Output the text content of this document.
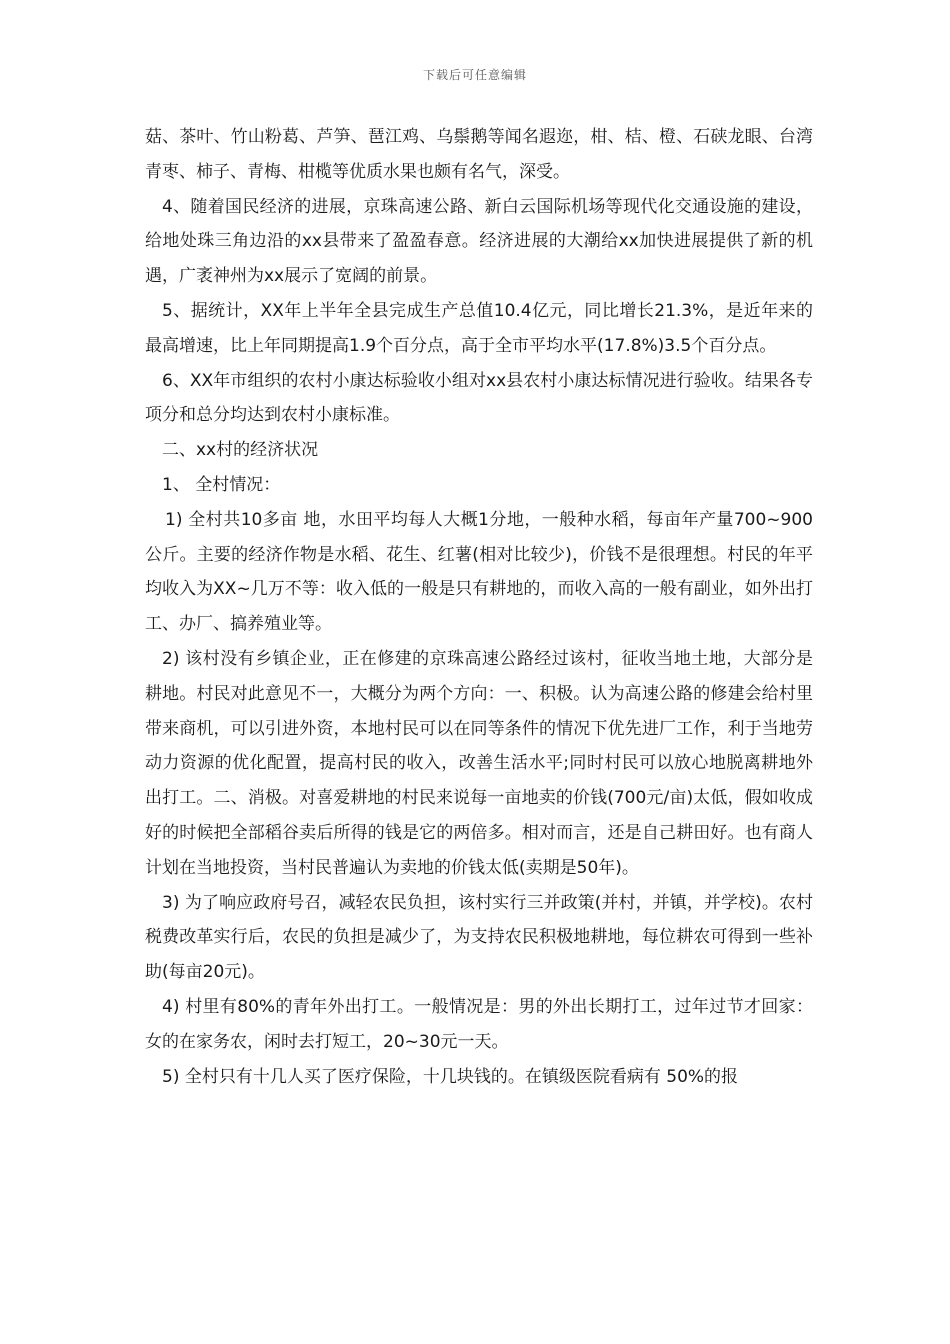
下载后可任意编辑

菇、茶叶、竹山粉葛、芦笋、琶江鸡、乌鬃鹅等闻名遐迩，柑、桔、橙、石硖龙眼、台湾青枣、柿子、青梅、柑榄等优质水果也颇有名气，深受。

4、随着国民经济的进展，京珠高速公路、新白云国际机场等现代化交通设施的建设，给地处珠三角边沿的xx县带来了盈盈春意。经济进展的大潮给xx加快进展提供了新的机遇，广袤神州为xx展示了宽阔的前景。

5、据统计，XX年上半年全县完成生产总值10.4亿元，同比增长21.3%，是近年来的最高增速，比上年同期提高1.9个百分点，高于全市平均水平(17.8%)3.5个百分点。

6、XX年市组织的农村小康达标验收小组对xx县农村小康达标情况进行验收。结果各专项分和总分均达到农村小康标准。

二、xx村的经济状况

1、 全村情况：

1) 全村共10多亩 地，水田平均每人大概1分地，一般种水稻，每亩年产量700~900公斤。主要的经济作物是水稻、花生、红薯(相对比较少)，价钱不是很理想。村民的年平均收入为XX~几万不等：收入低的一般是只有耕地的，而收入高的一般有副业，如外出打工、办厂、搞养殖业等。

2) 该村没有乡镇企业，正在修建的京珠高速公路经过该村，征收当地土地，大部分是耕地。村民对此意见不一，大概分为两个方向：一、积极。认为高速公路的修建会给村里带来商机，可以引进外资，本地村民可以在同等条件的情况下优先进厂工作，利于当地劳动力资源的优化配置，提高村民的收入，改善生活水平;同时村民可以放心地脱离耕地外出打工。二、消极。对喜爱耕地的村民来说每一亩地卖的价钱(700元/亩)太低，假如收成好的时候把全部稻谷卖后所得的钱是它的两倍多。相对而言，还是自己耕田好。也有商人计划在当地投资，当村民普遍认为卖地的价钱太低(卖期是50年)。

3) 为了响应政府号召，减轻农民负担，该村实行三并政策(并村，并镇，并学校)。农村税费改革实行后，农民的负担是减少了，为支持农民积极地耕地，每位耕农可得到一些补助(每亩20元)。

4) 村里有80%的青年外出打工。一般情况是：男的外出长期打工，过年过节才回家：女的在家务农，闲时去打短工，20~30元一天。

5) 全村只有十几人买了医疗保险，十几块钱的。在镇级医院看病有 50%的报
